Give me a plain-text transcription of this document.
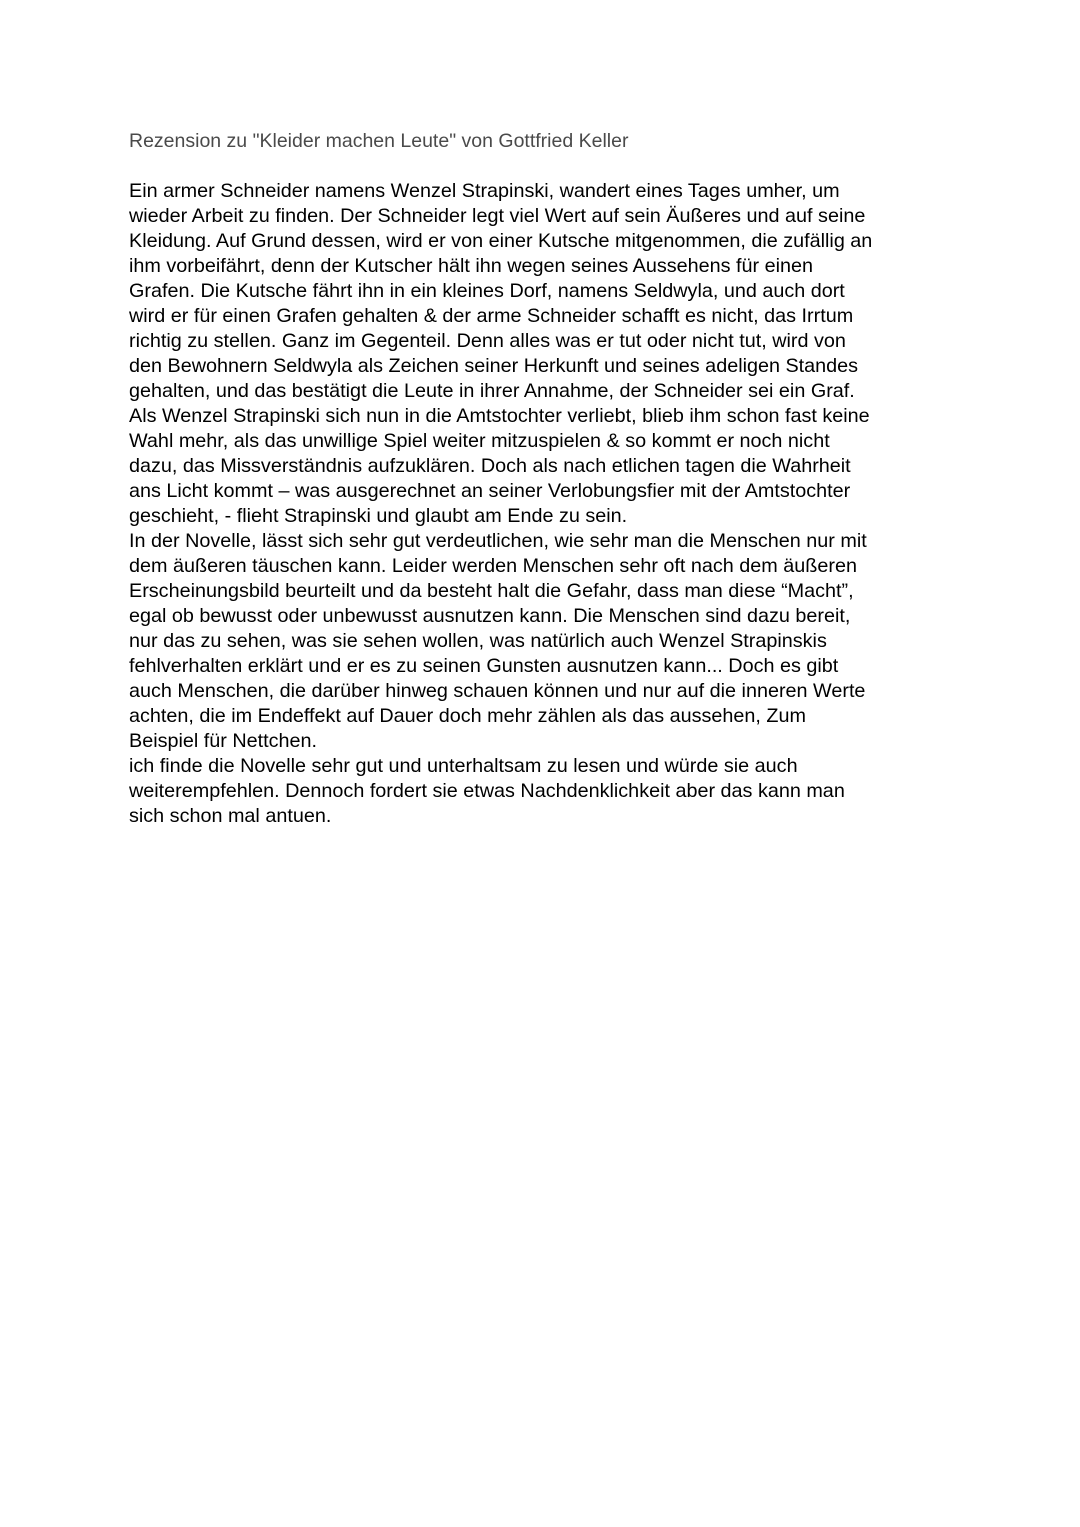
Rezension zu "Kleider machen Leute" von Gottfried Keller
Ein armer Schneider namens Wenzel Strapinski, wandert eines Tages umher, um
wieder Arbeit zu finden. Der Schneider legt viel Wert auf sein Äußeres und auf seine
Kleidung. Auf Grund dessen, wird er von einer Kutsche mitgenommen, die zufällig an
ihm vorbeifährt, denn der Kutscher hält ihn wegen seines Aussehens für einen
Grafen. Die Kutsche fährt ihn in ein kleines Dorf, namens Seldwyla, und auch dort
wird er für einen Grafen gehalten & der arme Schneider schafft es nicht, das Irrtum
richtig zu stellen. Ganz im Gegenteil. Denn alles was er tut oder nicht tut, wird von
den Bewohnern Seldwyla als Zeichen seiner Herkunft und seines adeligen Standes
gehalten, und das bestätigt die Leute in ihrer Annahme, der Schneider sei ein Graf.
Als Wenzel Strapinski sich nun in die Amtstochter verliebt, blieb ihm schon fast keine
Wahl mehr, als das unwillige Spiel weiter mitzuspielen & so kommt er noch nicht
dazu, das Missverständnis aufzuklären. Doch als nach etlichen tagen die Wahrheit
ans Licht kommt – was ausgerechnet an seiner Verlobungsfier mit der Amtstochter
geschieht, - flieht Strapinski und glaubt am Ende zu sein.
In der Novelle, lässt sich sehr gut verdeutlichen, wie sehr man die Menschen nur mit
dem äußeren täuschen kann. Leider werden Menschen sehr oft nach dem äußeren
Erscheinungsbild beurteilt und da besteht halt die Gefahr, dass man diese “Macht”,
egal ob bewusst oder unbewusst ausnutzen kann. Die Menschen sind dazu bereit,
nur das zu sehen, was sie sehen wollen, was natürlich auch Wenzel Strapinskis
fehlverhalten erklärt und er es zu seinen Gunsten ausnutzen kann... Doch es gibt
auch Menschen, die darüber hinweg schauen können und nur auf die inneren Werte
achten, die im Endeffekt auf Dauer doch mehr zählen als das aussehen, Zum
Beispiel für Nettchen.
ich finde die Novelle sehr gut und unterhaltsam zu lesen und würde sie auch
weiterempfehlen. Dennoch fordert sie etwas Nachdenklichkeit aber das kann man
sich schon mal antuen.
